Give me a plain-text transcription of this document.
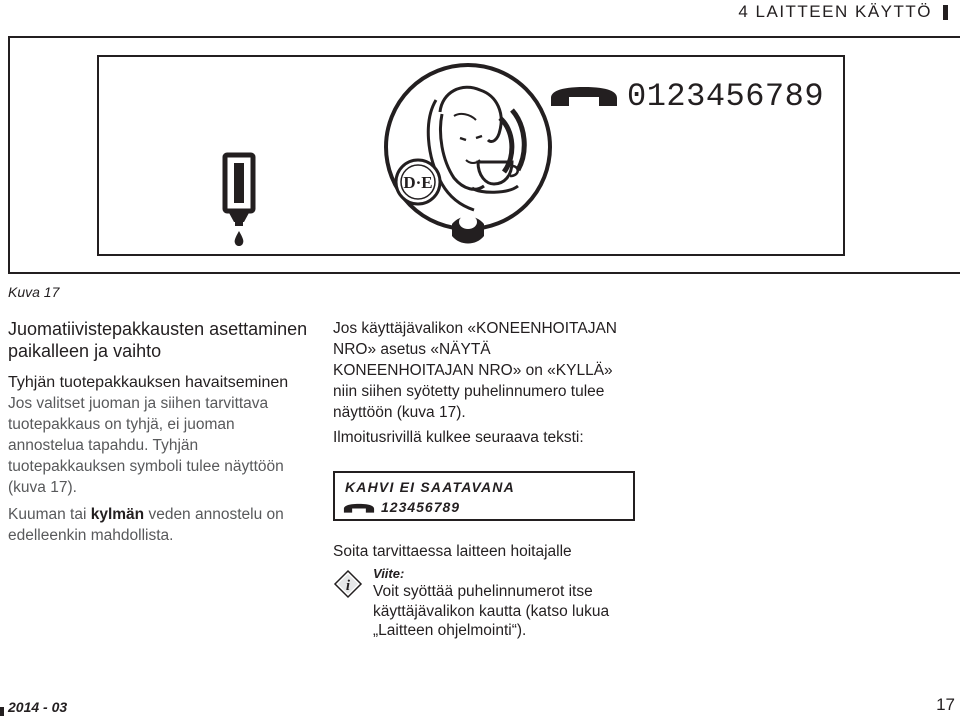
4 LAITTEEN KÄYTTÖ
D·E
0123456789
Kuva 17
Juomatiivistepakkausten asettaminen paikalleen ja vaihto
Tyhjän tuotepakkauksen havaitseminen

Jos valitset juoman ja siihen tarvittava tuotepakkaus on tyhjä, ei juoman annostelua tapahdu. Tyhjän tuotepakkauksen symboli tulee näyttöön (kuva 17).

Kuuman tai kylmän veden annostelu on edelleenkin mahdollista.

Jos käyttäjävalikon «KONEENHOITAJAN NRO» asetus «NÄYTÄ KONEENHOITAJAN NRO» on «KYLLÄ» niin siihen syötetty puhelinnumero tulee näyttöön (kuva 17).

Ilmoitusrivillä kulkee seuraava teksti:

KAHVI EI SAATAVANA
123456789
Soita tarvittaessa laitteen hoitajalle
i
Viite:
Voit syöttää puhelinnumerot itse käyttäjävalikon kautta (katso lukua „Laitteen ohjelmointi“).
2014 - 03	17
